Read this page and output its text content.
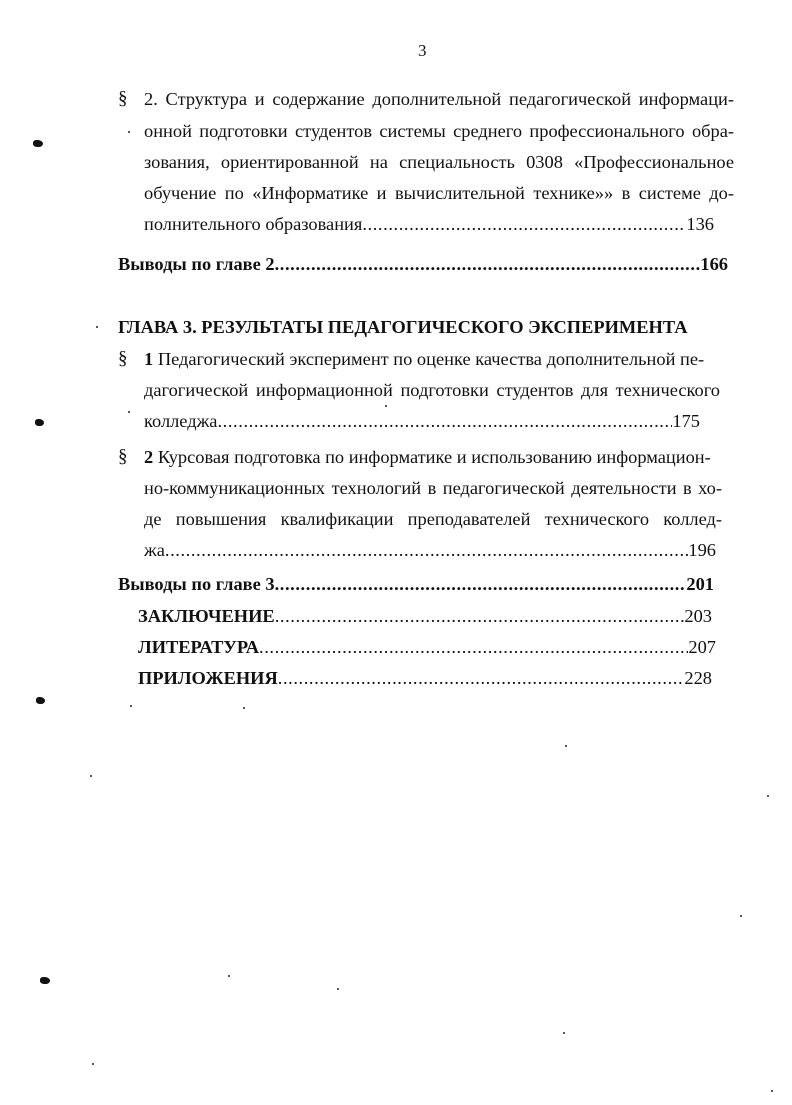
3
§ 2. Структура и содержание дополнительной педагогической информаци-
онной подготовки студентов системы среднего профессионального обра-
зования, ориентированной на специальность 0308 «Профессиональное
обучение по «Информатике и вычислительной технике»» в системе до-
полнительного образования .....	136
Выводы по главе 2 .....	166
ГЛАВА 3. РЕЗУЛЬТАТЫ ПЕДАГОГИЧЕСКОГО ЭКСПЕРИМЕНТА
§ 1 Педагогический эксперимент по оценке качества дополнительной пе-
дагогической информационной подготовки студентов для технического
колледжа .....	175
§ 2 Курсовая подготовка по информатике и использованию информацион-
но-коммуникационных технологий в педагогической деятельности в хо-
де повышения квалификации преподавателей технического коллед-
жа .....	196
Выводы по главе 3 .....	201
ЗАКЛЮЧЕНИЕ .....	203
ЛИТЕРАТУРА .....	207
ПРИЛОЖЕНИЯ .....	228
